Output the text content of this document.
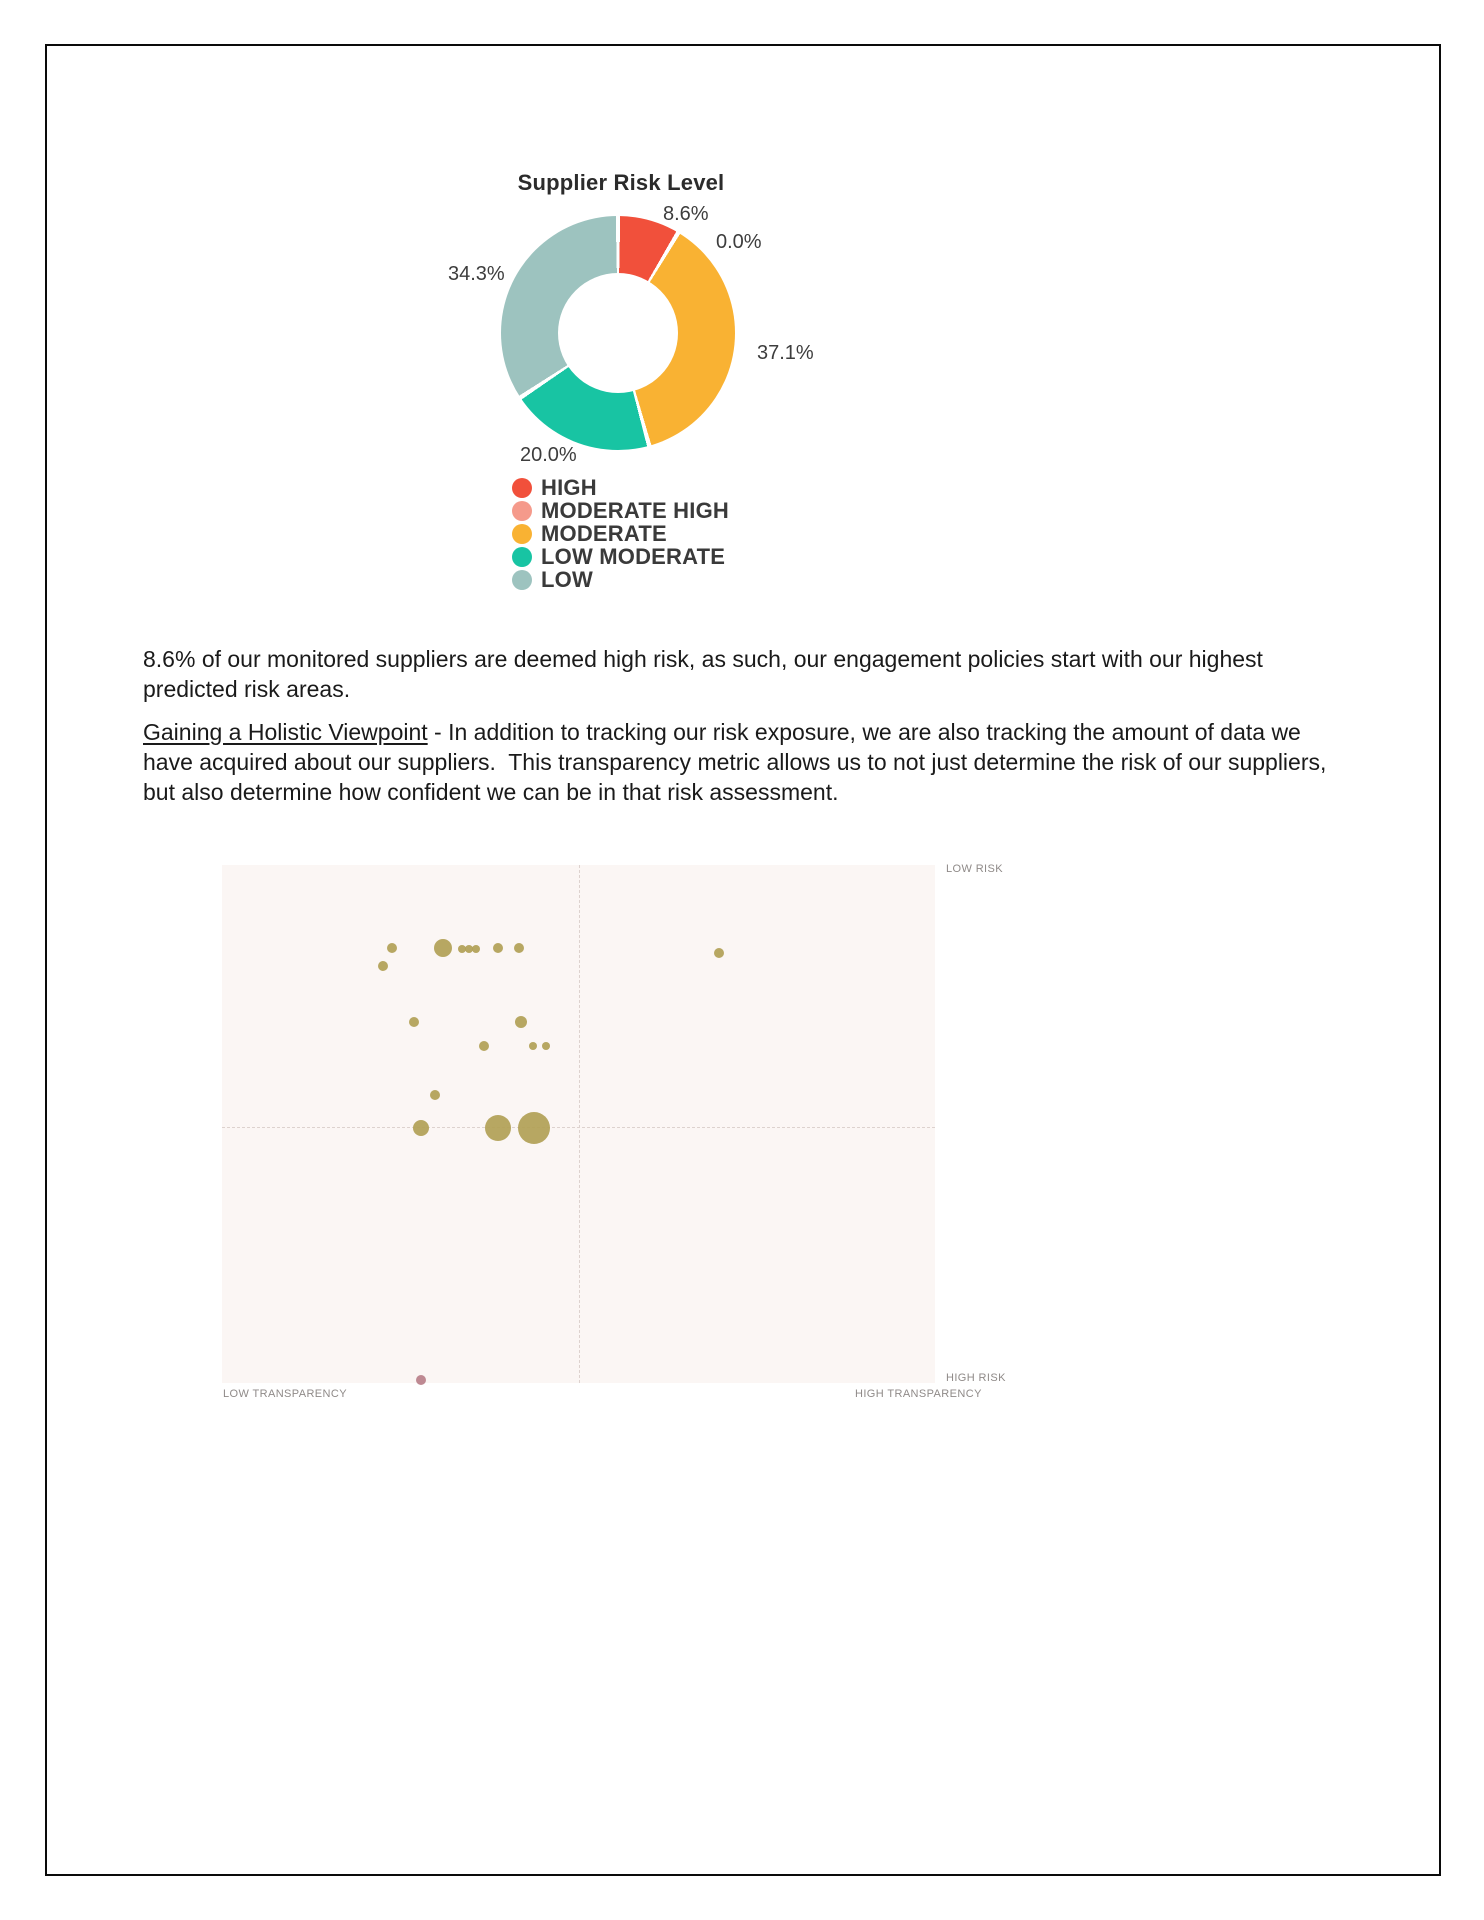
Supplier Risk Level
8.6%
0.0%
37.1%
20.0%
34.3%
HIGH
MODERATE HIGH
MODERATE
LOW MODERATE
LOW

8.6% of our monitored suppliers are deemed high risk, as such, our engagement policies start with our highest predicted risk areas.

Gaining a Holistic Viewpoint - In addition to tracking our risk exposure, we are also tracking the amount of data we have acquired about our suppliers.  This transparency metric allows us to not just determine the risk of our suppliers, but also determine how confident we can be in that risk assessment.

LOW RISK
HIGH RISK
LOW TRANSPARENCY	HIGH TRANSPARENCY
